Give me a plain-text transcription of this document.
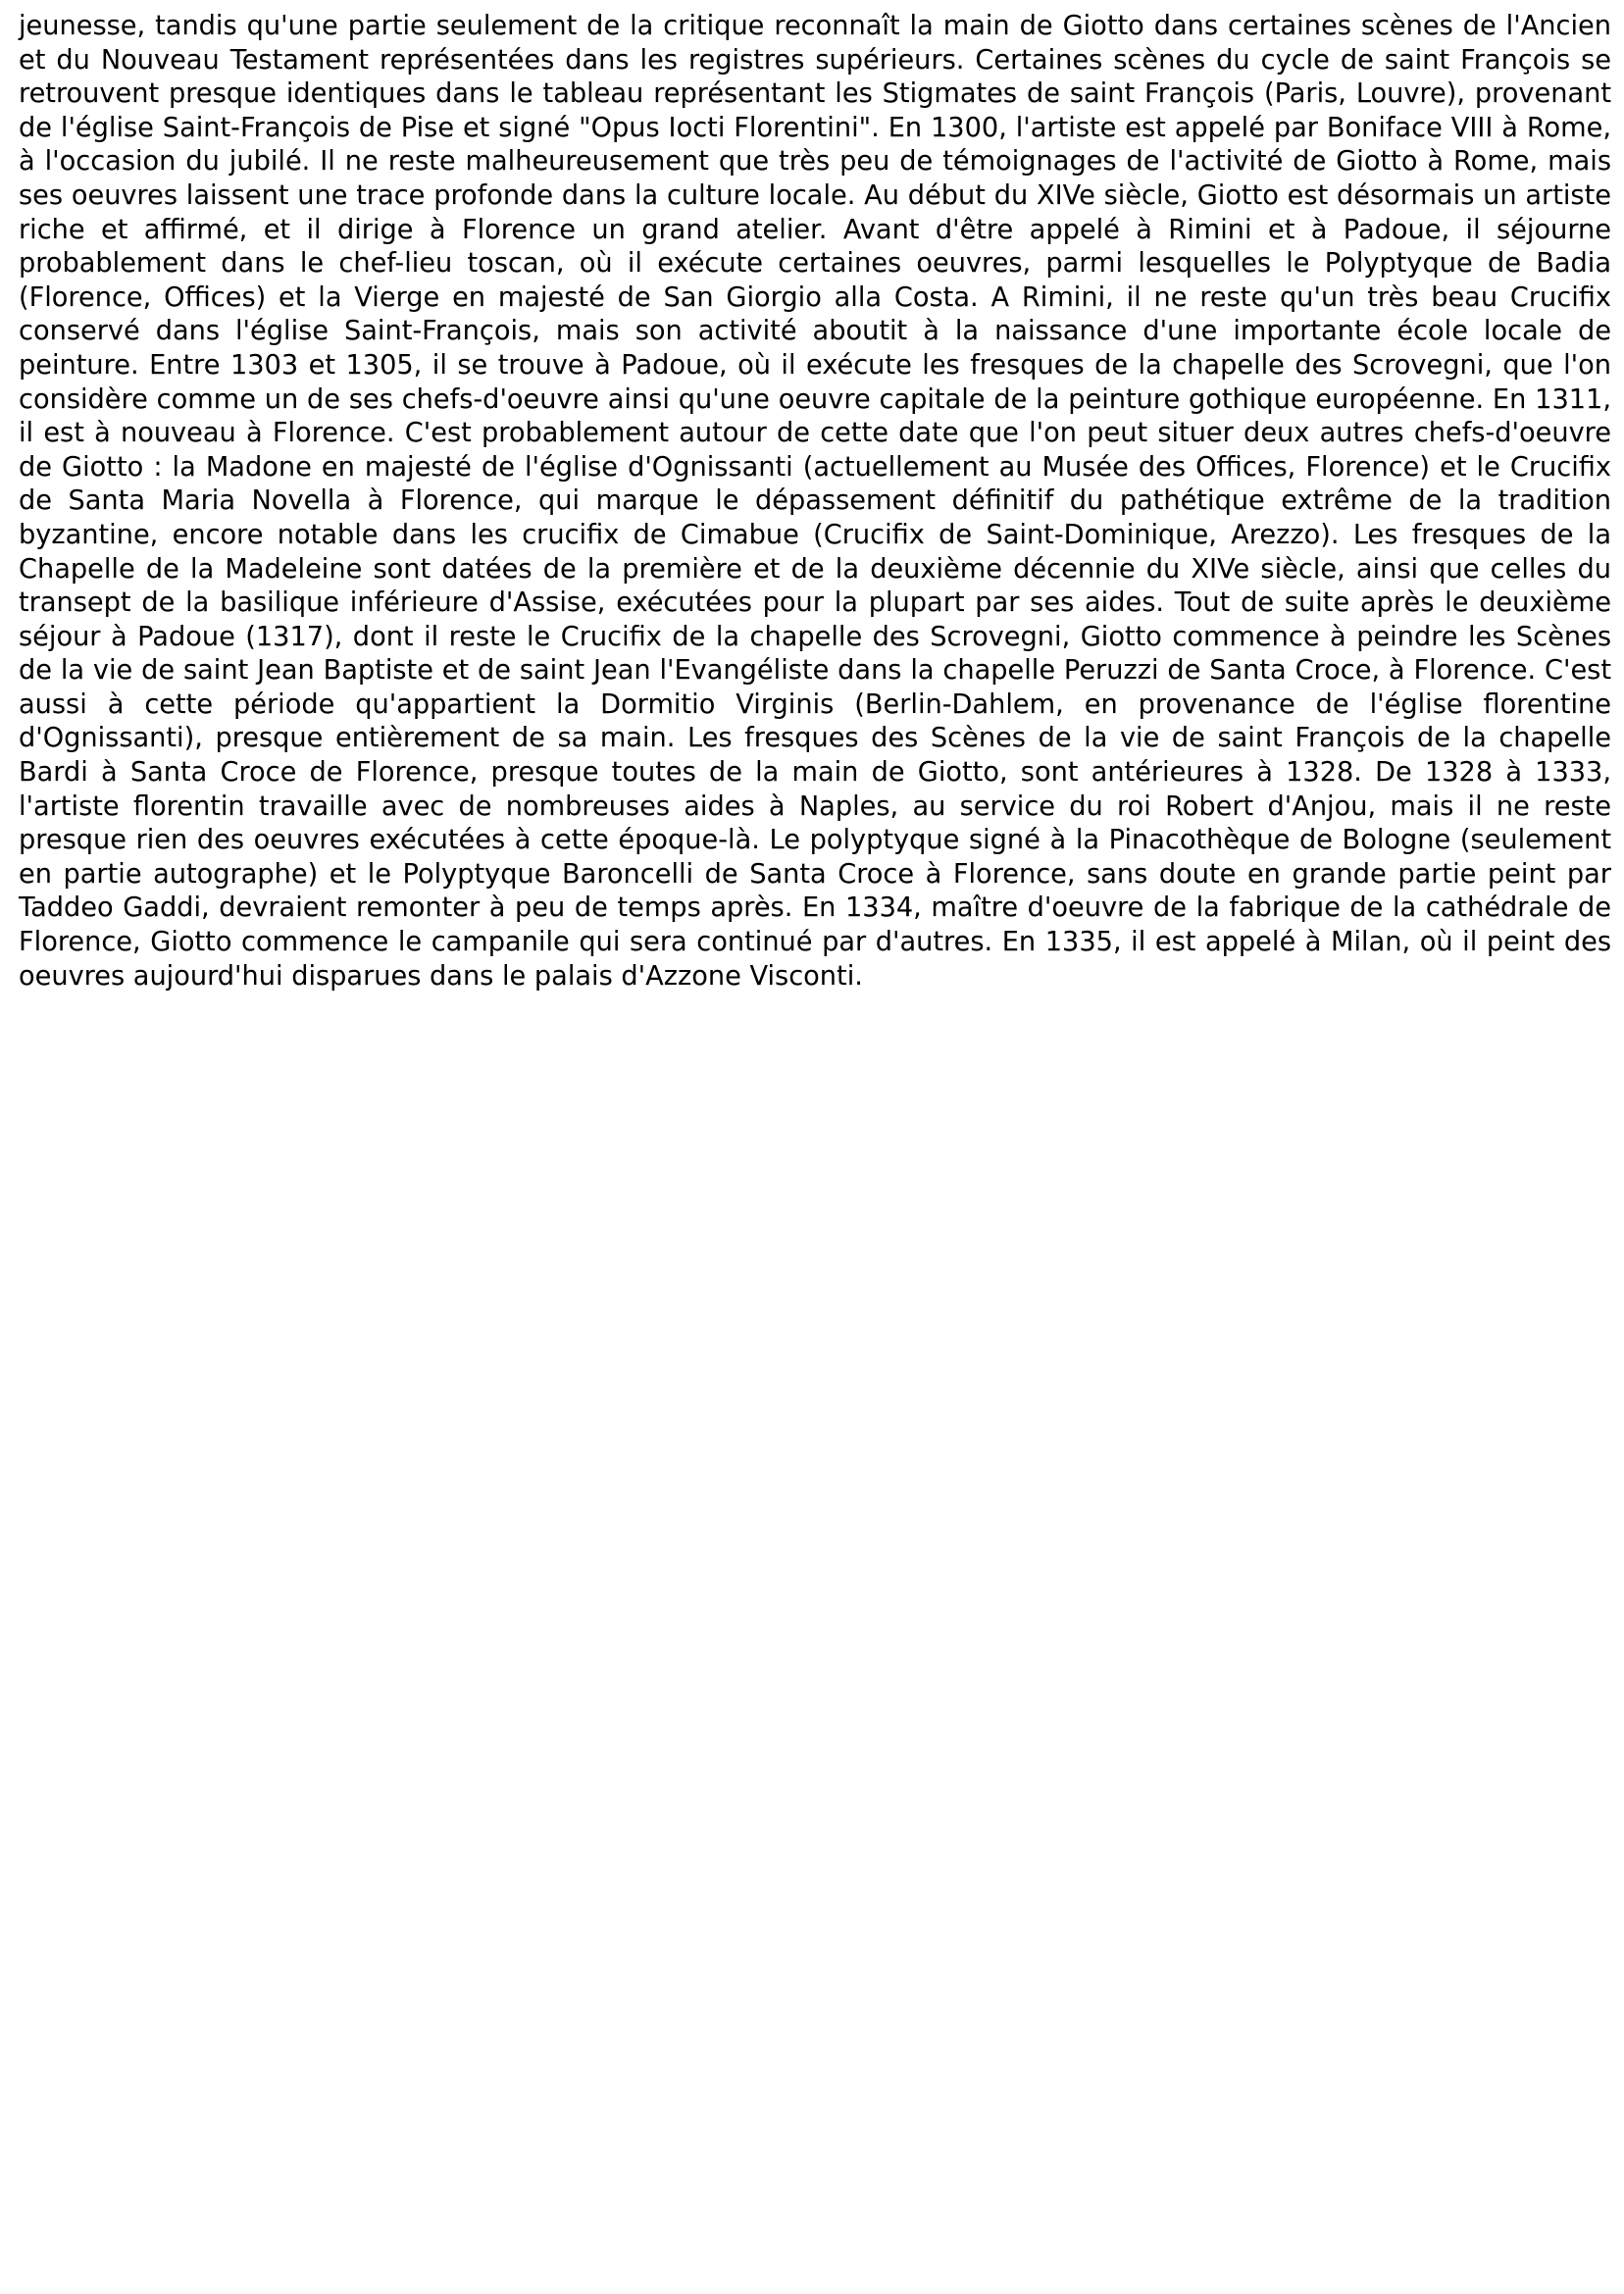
jeunesse, tandis qu'une partie seulement de la critique reconnaît la main de Giotto dans certaines scènes de l'Ancien et du Nouveau Testament représentées dans les registres supérieurs. Certaines scènes du cycle de saint François se retrouvent presque identiques dans le tableau représentant les Stigmates de saint François (Paris, Louvre), provenant de l'église Saint-François de Pise et signé "Opus Iocti Florentini". En 1300, l'artiste est appelé par Boniface VIII à Rome, à l'occasion du jubilé. Il ne reste malheureusement que très peu de témoignages de l'activité de Giotto à Rome, mais ses oeuvres laissent une trace profonde dans la culture locale. Au début du XIVe siècle, Giotto est désormais un artiste riche et affirmé, et il dirige à Florence un grand atelier. Avant d'être appelé à Rimini et à Padoue, il séjourne probablement dans le chef-lieu toscan, où il exécute certaines oeuvres, parmi lesquelles le Polyptyque de Badia (Florence, Offices) et la Vierge en majesté de San Giorgio alla Costa. A Rimini, il ne reste qu'un très beau Crucifix conservé dans l'église Saint-François, mais son activité aboutit à la naissance d'une importante école locale de peinture. Entre 1303 et 1305, il se trouve à Padoue, où il exécute les fresques de la chapelle des Scrovegni, que l'on considère comme un de ses chefs-d'oeuvre ainsi qu'une oeuvre capitale de la peinture gothique européenne. En 1311, il est à nouveau à Florence. C'est probablement autour de cette date que l'on peut situer deux autres chefs-d'oeuvre de Giotto : la Madone en majesté de l'église d'Ognissanti (actuellement au Musée des Offices, Florence) et le Crucifix de Santa Maria Novella à Florence, qui marque le dépassement définitif du pathétique extrême de la tradition byzantine, encore notable dans les crucifix de Cimabue (Crucifix de Saint-Dominique, Arezzo). Les fresques de la Chapelle de la Madeleine sont datées de la première et de la deuxième décennie du XIVe siècle, ainsi que celles du transept de la basilique inférieure d'Assise, exécutées pour la plupart par ses aides. Tout de suite après le deuxième séjour à Padoue (1317), dont il reste le Crucifix de la chapelle des Scrovegni, Giotto commence à peindre les Scènes de la vie de saint Jean Baptiste et de saint Jean l'Evangéliste dans la chapelle Peruzzi de Santa Croce, à Florence. C'est aussi à cette période qu'appartient la Dormitio Virginis (Berlin-Dahlem, en provenance de l'église florentine d'Ognissanti), presque entièrement de sa main. Les fresques des Scènes de la vie de saint François de la chapelle Bardi à Santa Croce de Florence, presque toutes de la main de Giotto, sont antérieures à 1328. De 1328 à 1333, l'artiste florentin travaille avec de nombreuses aides à Naples, au service du roi Robert d'Anjou, mais il ne reste presque rien des oeuvres exécutées à cette époque-là. Le polyptyque signé à la Pinacothèque de Bologne (seulement en partie autographe) et le Polyptyque Baroncelli de Santa Croce à Florence, sans doute en grande partie peint par Taddeo Gaddi, devraient remonter à peu de temps après. En 1334, maître d'oeuvre de la fabrique de la cathédrale de Florence, Giotto commence le campanile qui sera continué par d'autres. En 1335, il est appelé à Milan, où il peint des oeuvres aujourd'hui disparues dans le palais d'Azzone Visconti.
